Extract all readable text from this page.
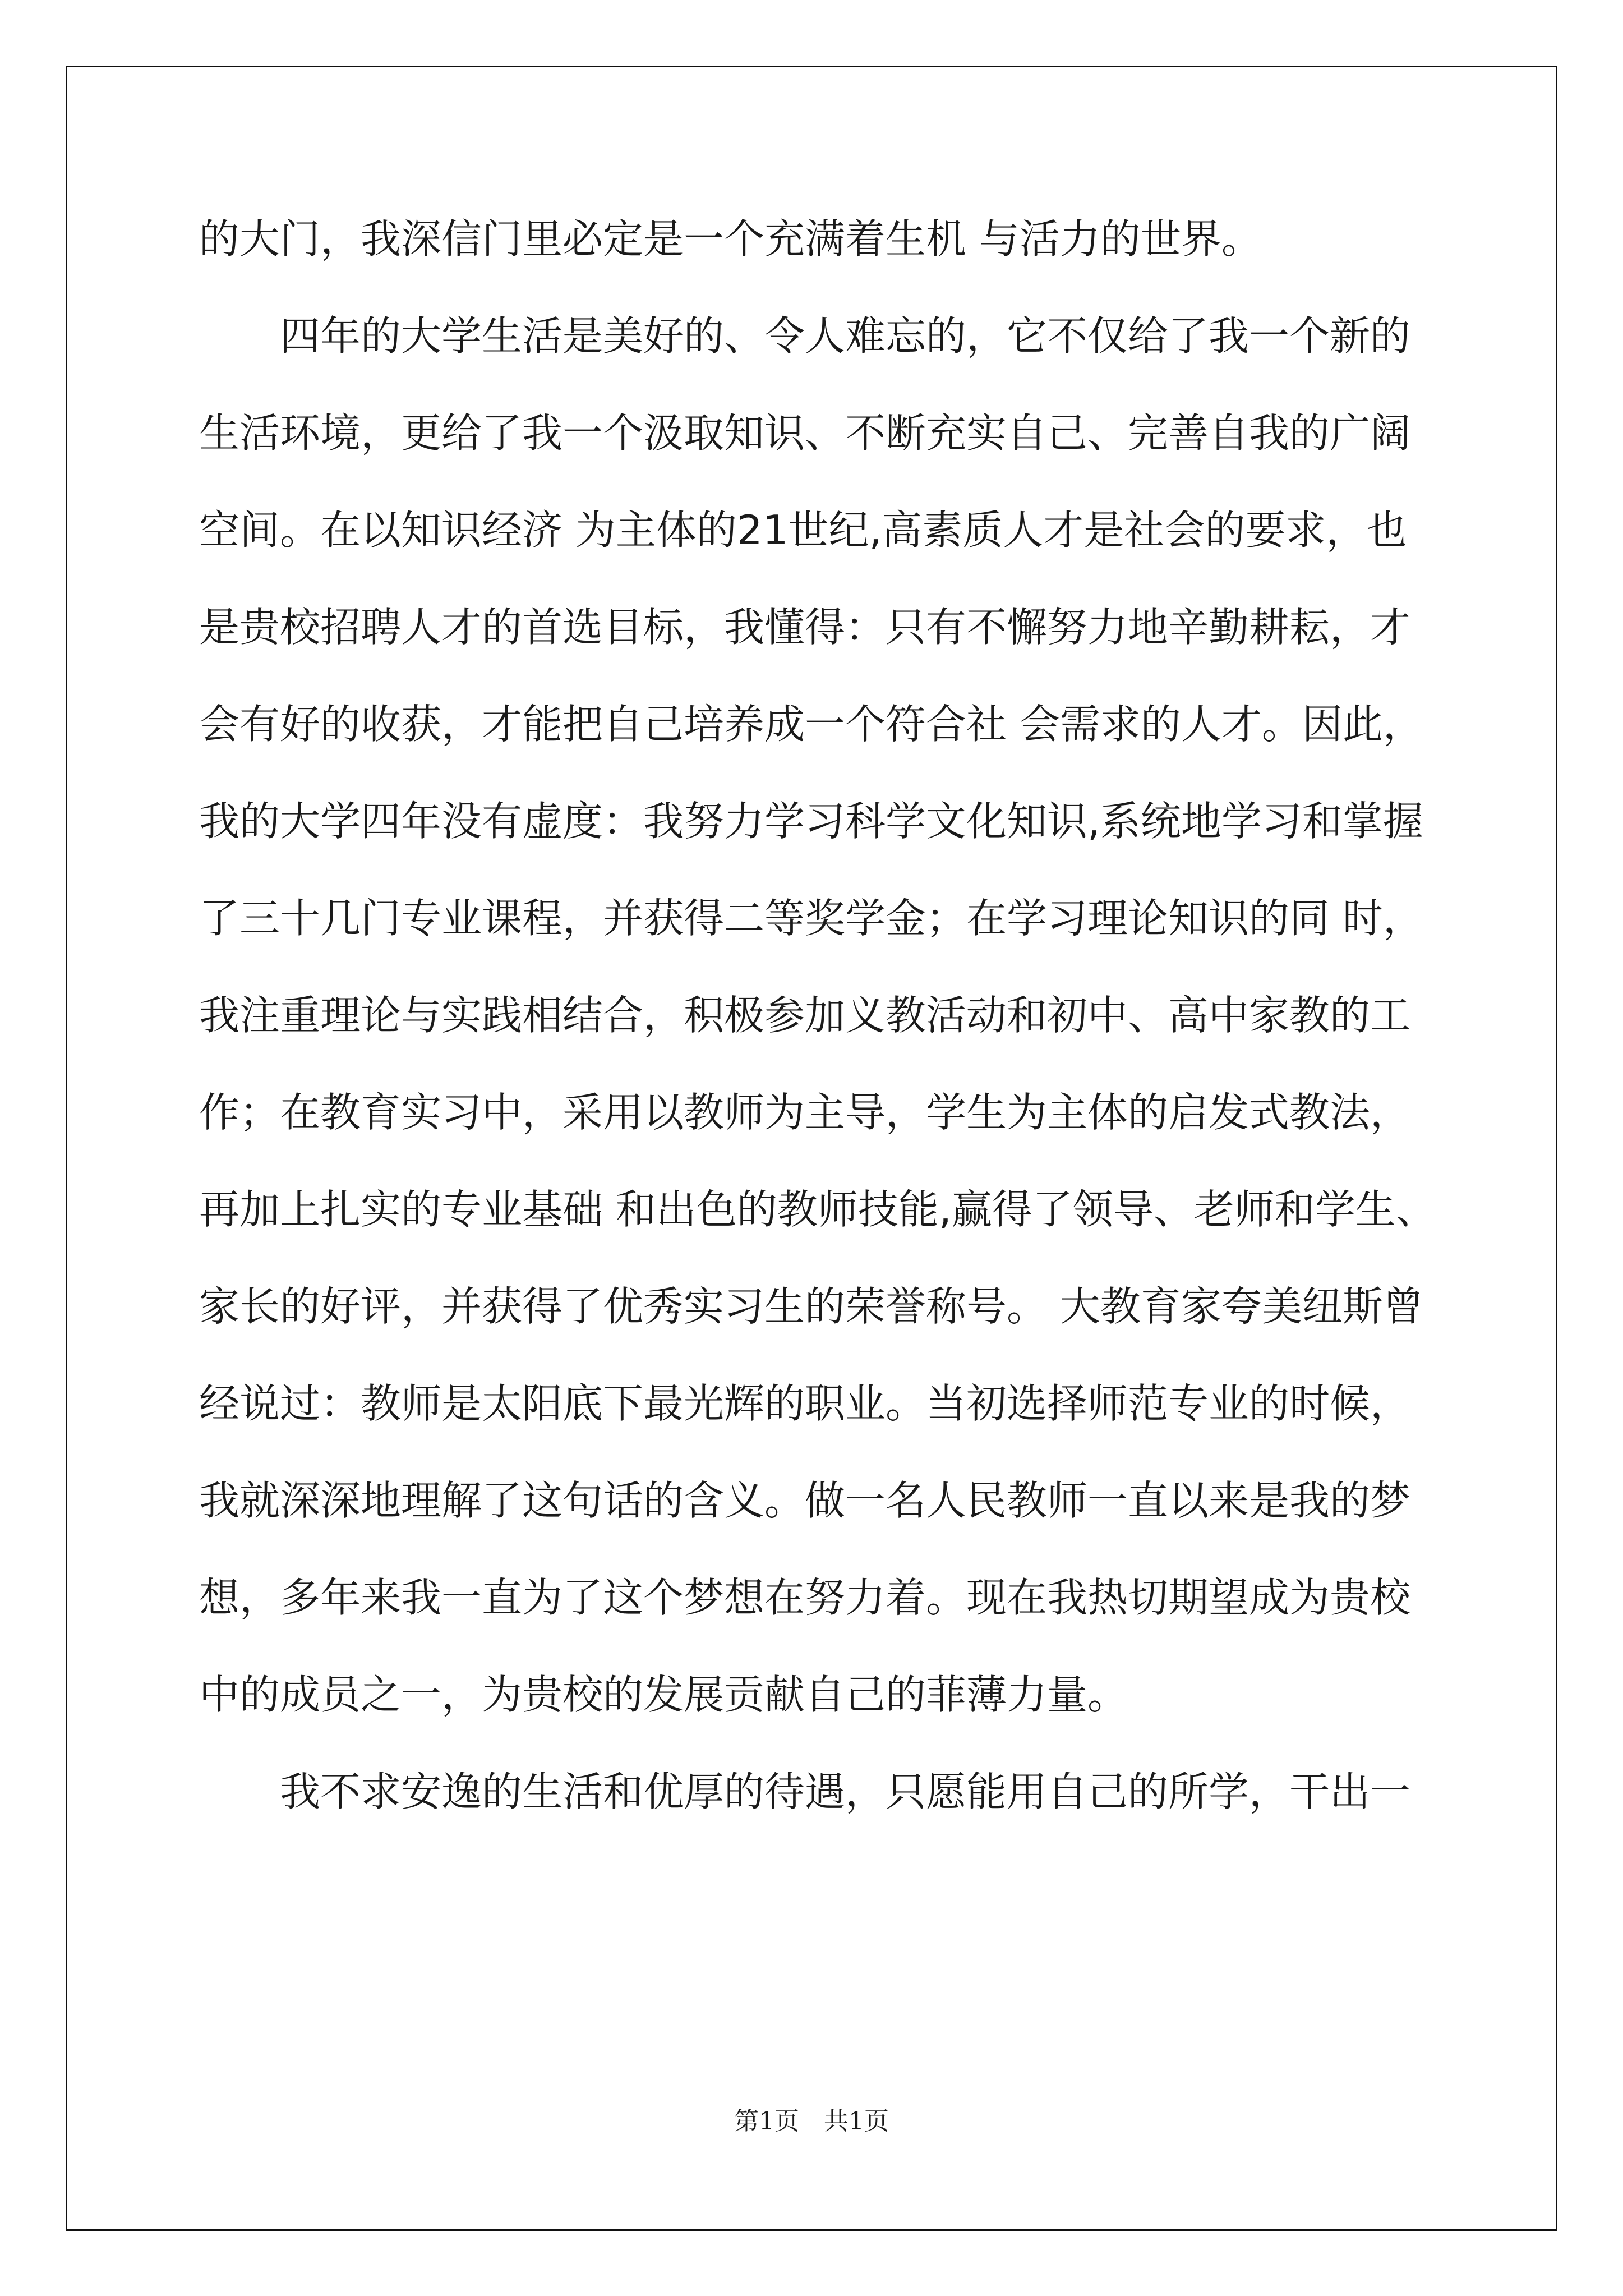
的大门，我深信门里必定是一个充满着生机 与活力的世界。

四年的大学生活是美好的、令人难忘的，它不仅给了我一个新的

生活环境，更给了我一个汲取知识、不断充实自己、完善自我的广阔

空间。在以知识经济 为主体的21世纪,高素质人才是社会的要求，也

是贵校招聘人才的首选目标，我懂得：只有不懈努力地辛勤耕耘，才

会有好的收获，才能把自己培养成一个符合社 会需求的人才。因此，

我的大学四年没有虚度：我努力学习科学文化知识,系统地学习和掌握

了三十几门专业课程，并获得二等奖学金；在学习理论知识的同 时，

我注重理论与实践相结合，积极参加义教活动和初中、高中家教的工

作；在教育实习中，采用以教师为主导，学生为主体的启发式教法，

再加上扎实的专业基础 和出色的教师技能,赢得了领导、老师和学生、

家长的好评，并获得了优秀实习生的荣誉称号。 大教育家夸美纽斯曾

经说过：教师是太阳底下最光辉的职业。当初选择师范专业的时候，

我就深深地理解了这句话的含义。做一名人民教师一直以来是我的梦

想，多年来我一直为了这个梦想在努力着。现在我热切期望成为贵校

中的成员之一，为贵校的发展贡献自己的菲薄力量。

我不求安逸的生活和优厚的待遇，只愿能用自己的所学，干出一

第1页　共1页
